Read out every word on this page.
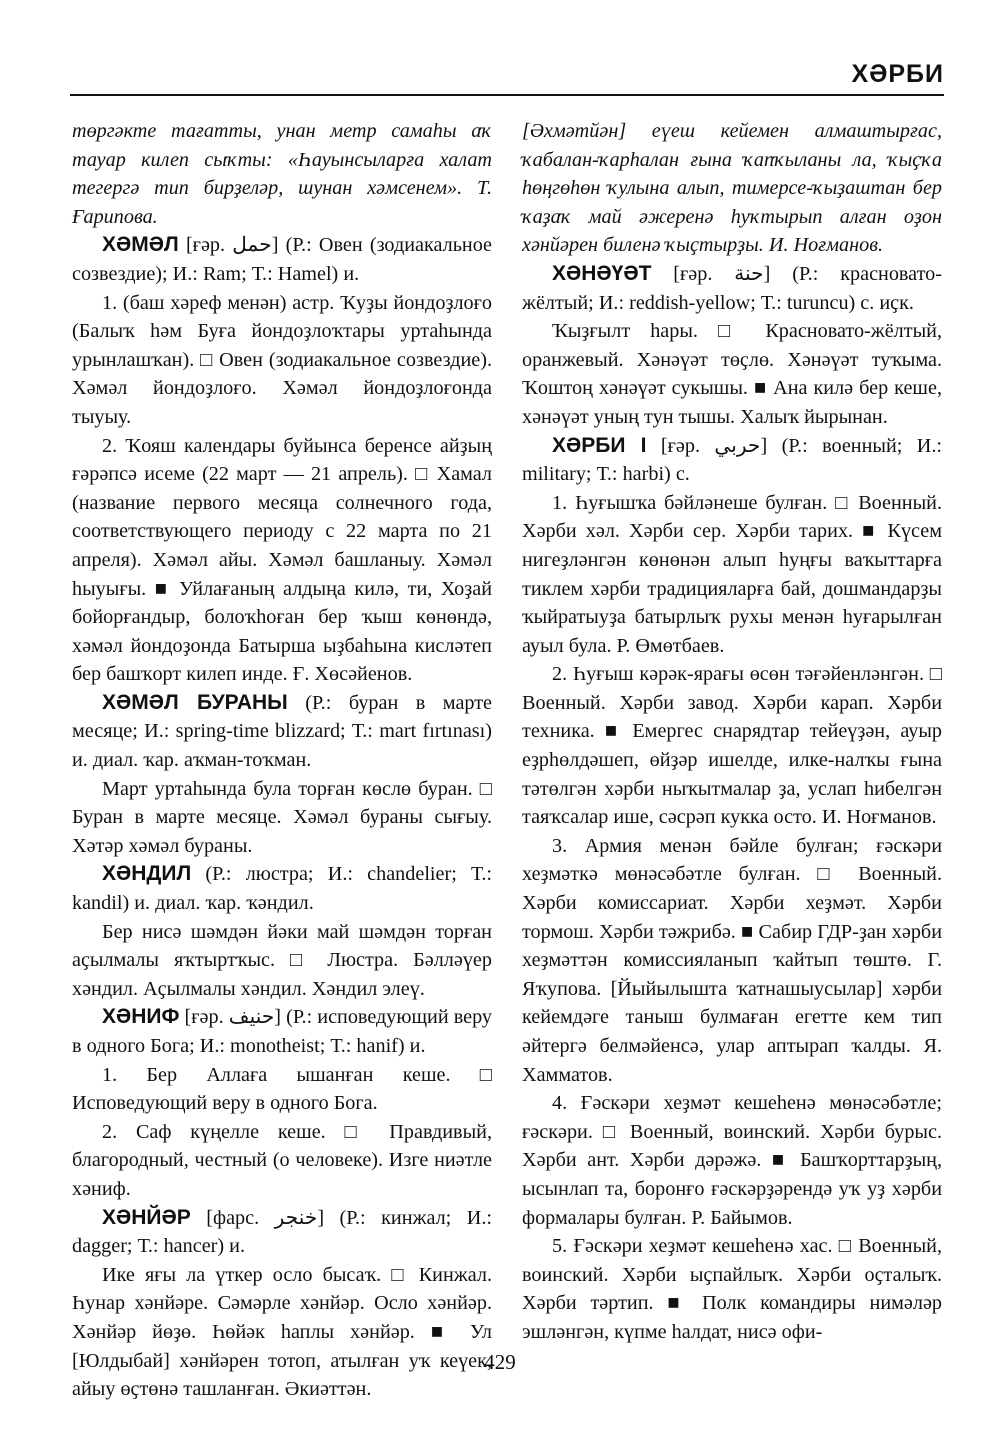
ХӘРБИ

төргәкте тағатты, унан метр самаһы аҡ тауар килеп сыҡты: «Һауынсыларға халат тегергә тип бирҙеләр, шунан хәмсенем». Т. Ғарипова.

ХӘМӘЛ [ғәр. حمل] (Р.: Овен (зодиакальное созвездие); И.: Ram; Т.: Hamel) и.

1. (баш хәреф менән) астр. Ҡуҙы йондоҙлоғо (Балыҡ һәм Буға йондоҙлоҡтары уртаһында урынлашҡан). □ Овен (зодиакальное созвездие). Хәмәл йондоҙлоғо. Хәмәл йондоҙлоғонда тыуыу.

2. Ҡояш календары буйынса беренсе айҙың ғәрәпсә исеме (22 март — 21 апрель). □ Хамал (название первого месяца солнечного года, соответствующего периоду с 22 марта по 21 апреля). Хәмәл айы. Хәмәл башланыу. Хәмәл һыуығы. ■ Уйлағаның алдыңа килә, ти, Хоҙай бойорғандыр, болоҡһоған бер ҡыш көнөндә, хәмәл йондоҙонда Батырша ыҙбаһына кисләтеп бер башҡорт килеп инде. Ғ. Хөсәйенов.

ХӘМӘЛ БУРАНЫ (Р.: буран в марте месяце; И.: spring-time blizzard; Т.: mart fırtınası) и. диал. ҡар. аҡман-тоҡман.

Март уртаһында була торған көслө буран. □ Буран в марте месяце. Хәмәл бураны сығыу. Хәтәр хәмәл бураны.

ХӘНДИЛ (Р.: люстра; И.: chandelier; Т.: kandil) и. диал. ҡар. ҡәндил.

Бер нисә шәмдән йәки май шәмдән торған аҫылмалы яҡтыртҡыс. □ Люстра. Бәлләүер хәндил. Аҫылмалы хәндил. Хәндил элеү.

ХӘНИФ [ғәр. حنيف] (Р.: исповедующий веру в одного Бога; И.: monotheist; Т.: hanif) и.

1. Бер Аллаға ышанған кеше. □ Исповедующий веру в одного Бога.

2. Саф күңелле кеше. □ Правдивый, благородный, честный (о человеке). Изге ниәтле хәниф.

ХӘНЙӘР [фарс. خنجر] (Р.: кинжал; И.: dagger; Т.: hancer) и.

Ике яғы ла үткер осло бысаҡ. □ Кинжал. Һунар хәнйәре. Сәмәрле хәнйәр. Осло хәнйәр. Хәнйәр йөҙө. Һөйәк һаплы хәнйәр. ■ Ул [Юлдыбай] хәнйәрен тотоп, атылған уҡ кеүек, айыу өҫтөнә ташланған. Әкиәттән.

[Әхмәтйән] еүеш кейемен алмаштырғас, ҡабалан-ҡарһалан ғына ҡапҡыланы ла, ҡыҫҡа һөңгөһөн ҡулына алып, тимерсе-ҡыҙаштан бер ҡаҙаҡ май әжеренә һуҡтырып алған оҙон хәнйәрен биленә ҡыҫтырҙы. И. Ноғманов.

ХӘНӘҮӘТ [ғәр. حنة] (Р.: красновато-жёлтый; И.: reddish-yellow; Т.: turuncu) с. иҫк.

Ҡыҙғылт һары. □ Красновато-жёлтый, оранжевый. Хәнәүәт төҫлө. Хәнәүәт туҡыма. Ҡоштоң хәнәүәт сукышы. ■ Ана килә бер кеше, хәнәүәт уның тун тышы. Халыҡ йырынан.

ХӘРБИ I [ғәр. حربي] (Р.: военный; И.: military; Т.: harbi) с.

1. Һуғышҡа бәйләнеше булған. □ Военный. Хәрби хәл. Хәрби сер. Хәрби тарих. ■ Күсем нигеҙләнгән көнөнән алып һуңғы ваҡыттарға тиклем хәрби традицияларға бай, дошмандарҙы ҡыйратыуҙа батырлыҡ рухы менән һуғарылған ауыл була. Р. Өмөтбаев.

2. Һуғыш кәрәк-ярағы өсөн тәғәйенләнгән. □ Военный. Хәрби завод. Хәрби карап. Хәрби техника. ■ Емергес снарядтар тейеүҙән, ауыр еҙрһөлдәшеп, өйҙәр ишелде, илке-налҡы ғына тәтөлгән хәрби ныҡытмалар ҙа, услап һибелгән таяҡсалар ише, сәсрәп кукка осто. И. Ноғманов.

3. Армия менән бәйле булған; ғәскәри хеҙмәткә мөнәсәбәтле булған. □ Военный. Хәрби комиссариат. Хәрби хеҙмәт. Хәрби тормош. Хәрби тәжрибә. ■ Сабир ГДР-ҙан хәрби хеҙмәттән комиссияланып ҡайтып төштө. Г. Яҡупова. [Йыйылышта ҡатнашыусылар] хәрби кейемдәге таныш булмаған егетте кем тип әйтергә белмәйенсә, улар аптырап ҡалды. Я. Хамматов.

4. Ғәскәри хеҙмәт кешеһенә мөнәсәбәтле; ғәскәри. □ Военный, воинский. Хәрби бурыс. Хәрби ант. Хәрби дәрәжә. ■ Башҡорттарҙың, ысынлап та, боронғо ғәскәрҙәрендә уҡ уҙ хәрби формалары булған. Р. Байымов.

5. Ғәскәри хеҙмәт кешеһенә хас. □ Военный, воинский. Хәрби ыҫпайлыҡ. Хәрби оҫталыҡ. Хәрби тәртип. ■ Полк командиры нимәләр эшләнгән, күпме һалдат, нисә офи-

429
